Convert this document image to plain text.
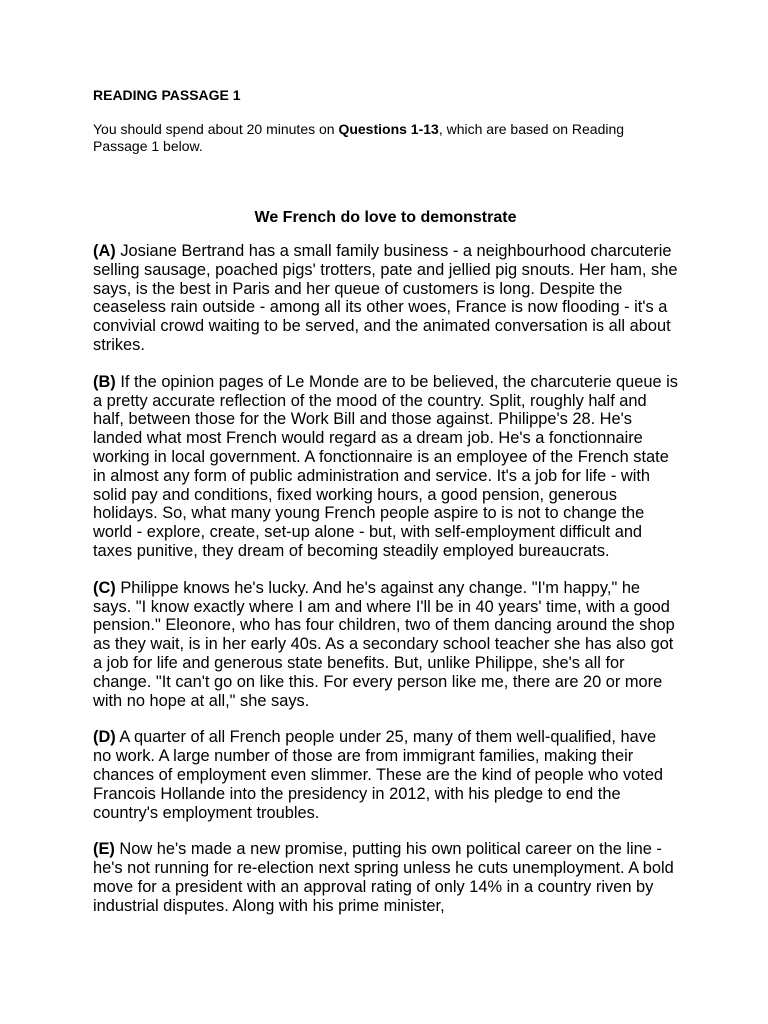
READING PASSAGE 1

You should spend about 20 minutes on Questions 1-13, which are based on Reading Passage 1 below.

We French do love to demonstrate

(A) Josiane Bertrand has a small family business - a neighbourhood charcuterie selling sausage, poached pigs' trotters, pate and jellied pig snouts. Her ham, she says, is the best in Paris and her queue of customers is long. Despite the ceaseless rain outside - among all its other woes, France is now flooding - it's a convivial crowd waiting to be served, and the animated conversation is all about strikes.

(B) If the opinion pages of Le Monde are to be believed, the charcuterie queue is a pretty accurate reflection of the mood of the country. Split, roughly half and half, between those for the Work Bill and those against. Philippe's 28. He's landed what most French would regard as a dream job. He's a fonctionnaire working in local government. A fonctionnaire is an employee of the French state in almost any form of public administration and service. It's a job for life - with solid pay and conditions, fixed working hours, a good pension, generous holidays. So, what many young French people aspire to is not to change the world - explore, create, set-up alone - but, with self-employment difficult and taxes punitive, they dream of becoming steadily employed bureaucrats.

(C) Philippe knows he's lucky. And he's against any change. "I'm happy," he says. "I know exactly where I am and where I'll be in 40 years' time, with a good pension." Eleonore, who has four children, two of them dancing around the shop as they wait, is in her early 40s. As a secondary school teacher she has also got a job for life and generous state benefits. But, unlike Philippe, she's all for change. "It can't go on like this. For every person like me, there are 20 or more with no hope at all," she says.

(D) A quarter of all French people under 25, many of them well-qualified, have no work. A large number of those are from immigrant families, making their chances of employment even slimmer. These are the kind of people who voted Francois Hollande into the presidency in 2012, with his pledge to end the country's employment troubles.

(E) Now he's made a new promise, putting his own political career on the line - he's not running for re-election next spring unless he cuts unemployment. A bold move for a president with an approval rating of only 14% in a country riven by industrial disputes. Along with his prime minister,
